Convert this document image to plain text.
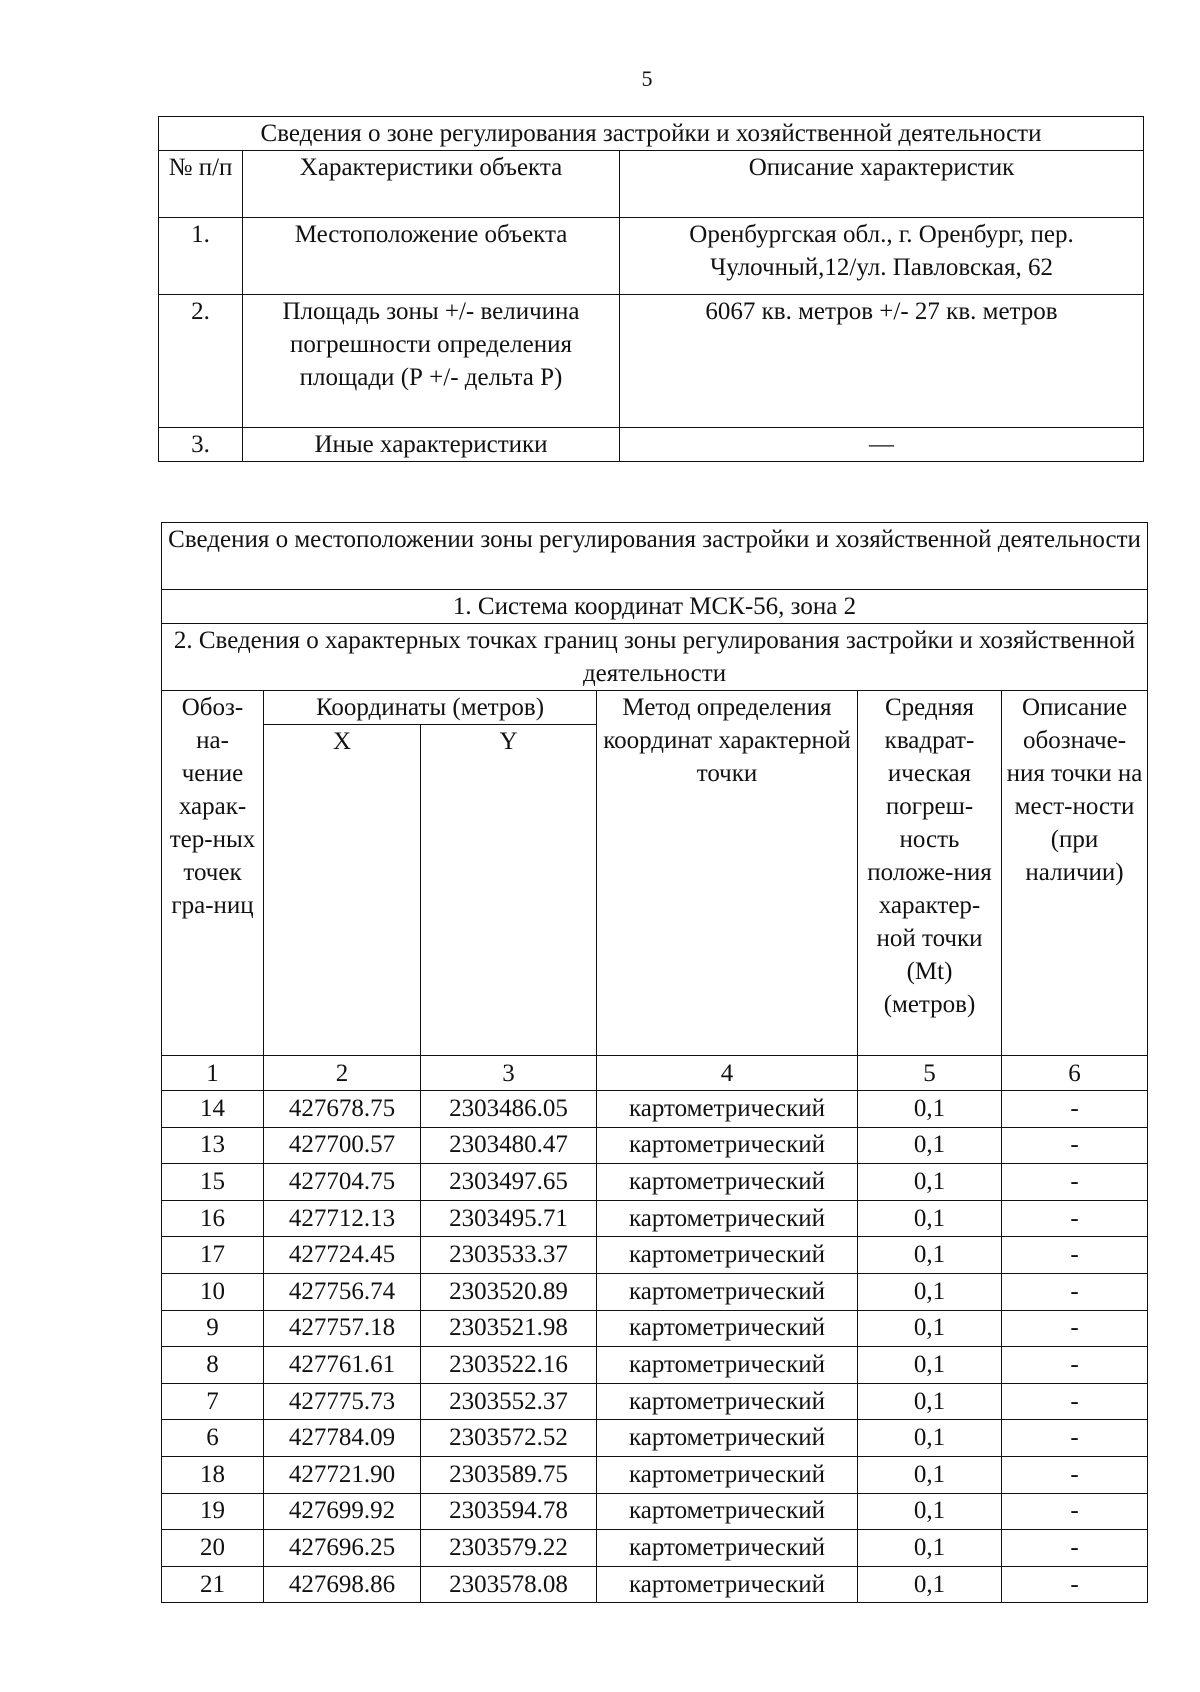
5
Сведения о зоне регулирования застройки и хозяйственной деятельности		
№ п/п	Характеристики объекта	Описание характеристик
1.	Местоположение объекта	Оренбургская обл., г. Оренбург, пер. Чулочный,12/ул. Павловская, 62
2.	Площадь зоны +/- величина погрешности определения площади (Р +/- дельта Р)	6067 кв. метров +/- 27 кв. метров
3.	Иные характеристики	—
Сведения о местоположении зоны регулирования застройки и хозяйственной деятельности					
1. Система координат МСК-56, зона 2					
2. Сведения о характерных точках границ зоны регулирования застройки и хозяйственной деятельности					
Обоз-на-чение харак-тер-ных точек гра-ниц	Координаты (метров)		Метод определения координат характерной точки	Средняя квадрат-ическая погреш-ность положе-ния характер-ной точки (Mt) (метров)	Описание обозначе-ния точки на мест-ности (при наличии)
	X	Y			
1	2	3	4	5	6
14	427678.75	2303486.05	картометрический	0,1	-
13	427700.57	2303480.47	картометрический	0,1	-
15	427704.75	2303497.65	картометрический	0,1	-
16	427712.13	2303495.71	картометрический	0,1	-
17	427724.45	2303533.37	картометрический	0,1	-
10	427756.74	2303520.89	картометрический	0,1	-
9	427757.18	2303521.98	картометрический	0,1	-
8	427761.61	2303522.16	картометрический	0,1	-
7	427775.73	2303552.37	картометрический	0,1	-
6	427784.09	2303572.52	картометрический	0,1	-
18	427721.90	2303589.75	картометрический	0,1	-
19	427699.92	2303594.78	картометрический	0,1	-
20	427696.25	2303579.22	картометрический	0,1	-
21	427698.86	2303578.08	картометрический	0,1	-
